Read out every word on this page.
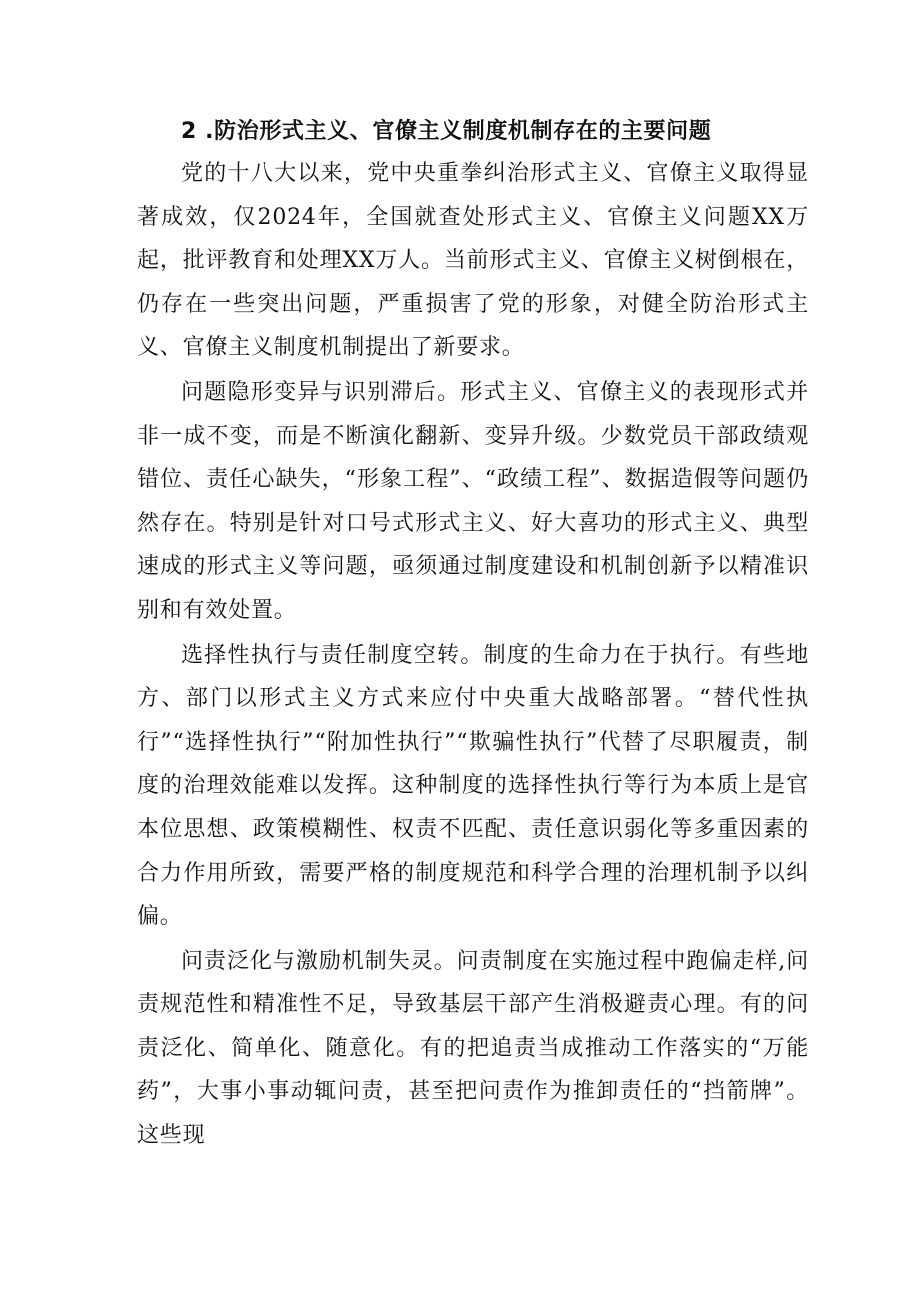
2 .防治形式主义、官僚主义制度机制存在的主要问题

党的十八大以来，党中央重拳纠治形式主义、官僚主义取得显著成效，仅2024年，全国就查处形式主义、官僚主义问题XX万起，批评教育和处理XX万人。当前形式主义、官僚主义树倒根在，仍存在一些突出问题，严重损害了党的形象，对健全防治形式主义、官僚主义制度机制提出了新要求。

问题隐形变异与识别滞后。形式主义、官僚主义的表现形式并非一成不变，而是不断演化翻新、变异升级。少数党员干部政绩观错位、责任心缺失，“形象工程”、“政绩工程”、数据造假等问题仍然存在。特别是针对口号式形式主义、好大喜功的形式主义、典型速成的形式主义等问题，亟须通过制度建设和机制创新予以精准识别和有效处置。

选择性执行与责任制度空转。制度的生命力在于执行。有些地方、部门以形式主义方式来应付中央重大战略部署。“替代性执行”“选择性执行”“附加性执行”“欺骗性执行”代替了尽职履责，制度的治理效能难以发挥。这种制度的选择性执行等行为本质上是官本位思想、政策模糊性、权责不匹配、责任意识弱化等多重因素的合力作用所致，需要严格的制度规范和科学合理的治理机制予以纠偏。

问责泛化与激励机制失灵。问责制度在实施过程中跑偏走样,问责规范性和精准性不足，导致基层干部产生消极避责心理。有的问责泛化、简单化、随意化。有的把追责当成推动工作落实的“万能药”，大事小事动辄问责，甚至把问责作为推卸责任的“挡箭牌”。这些现
